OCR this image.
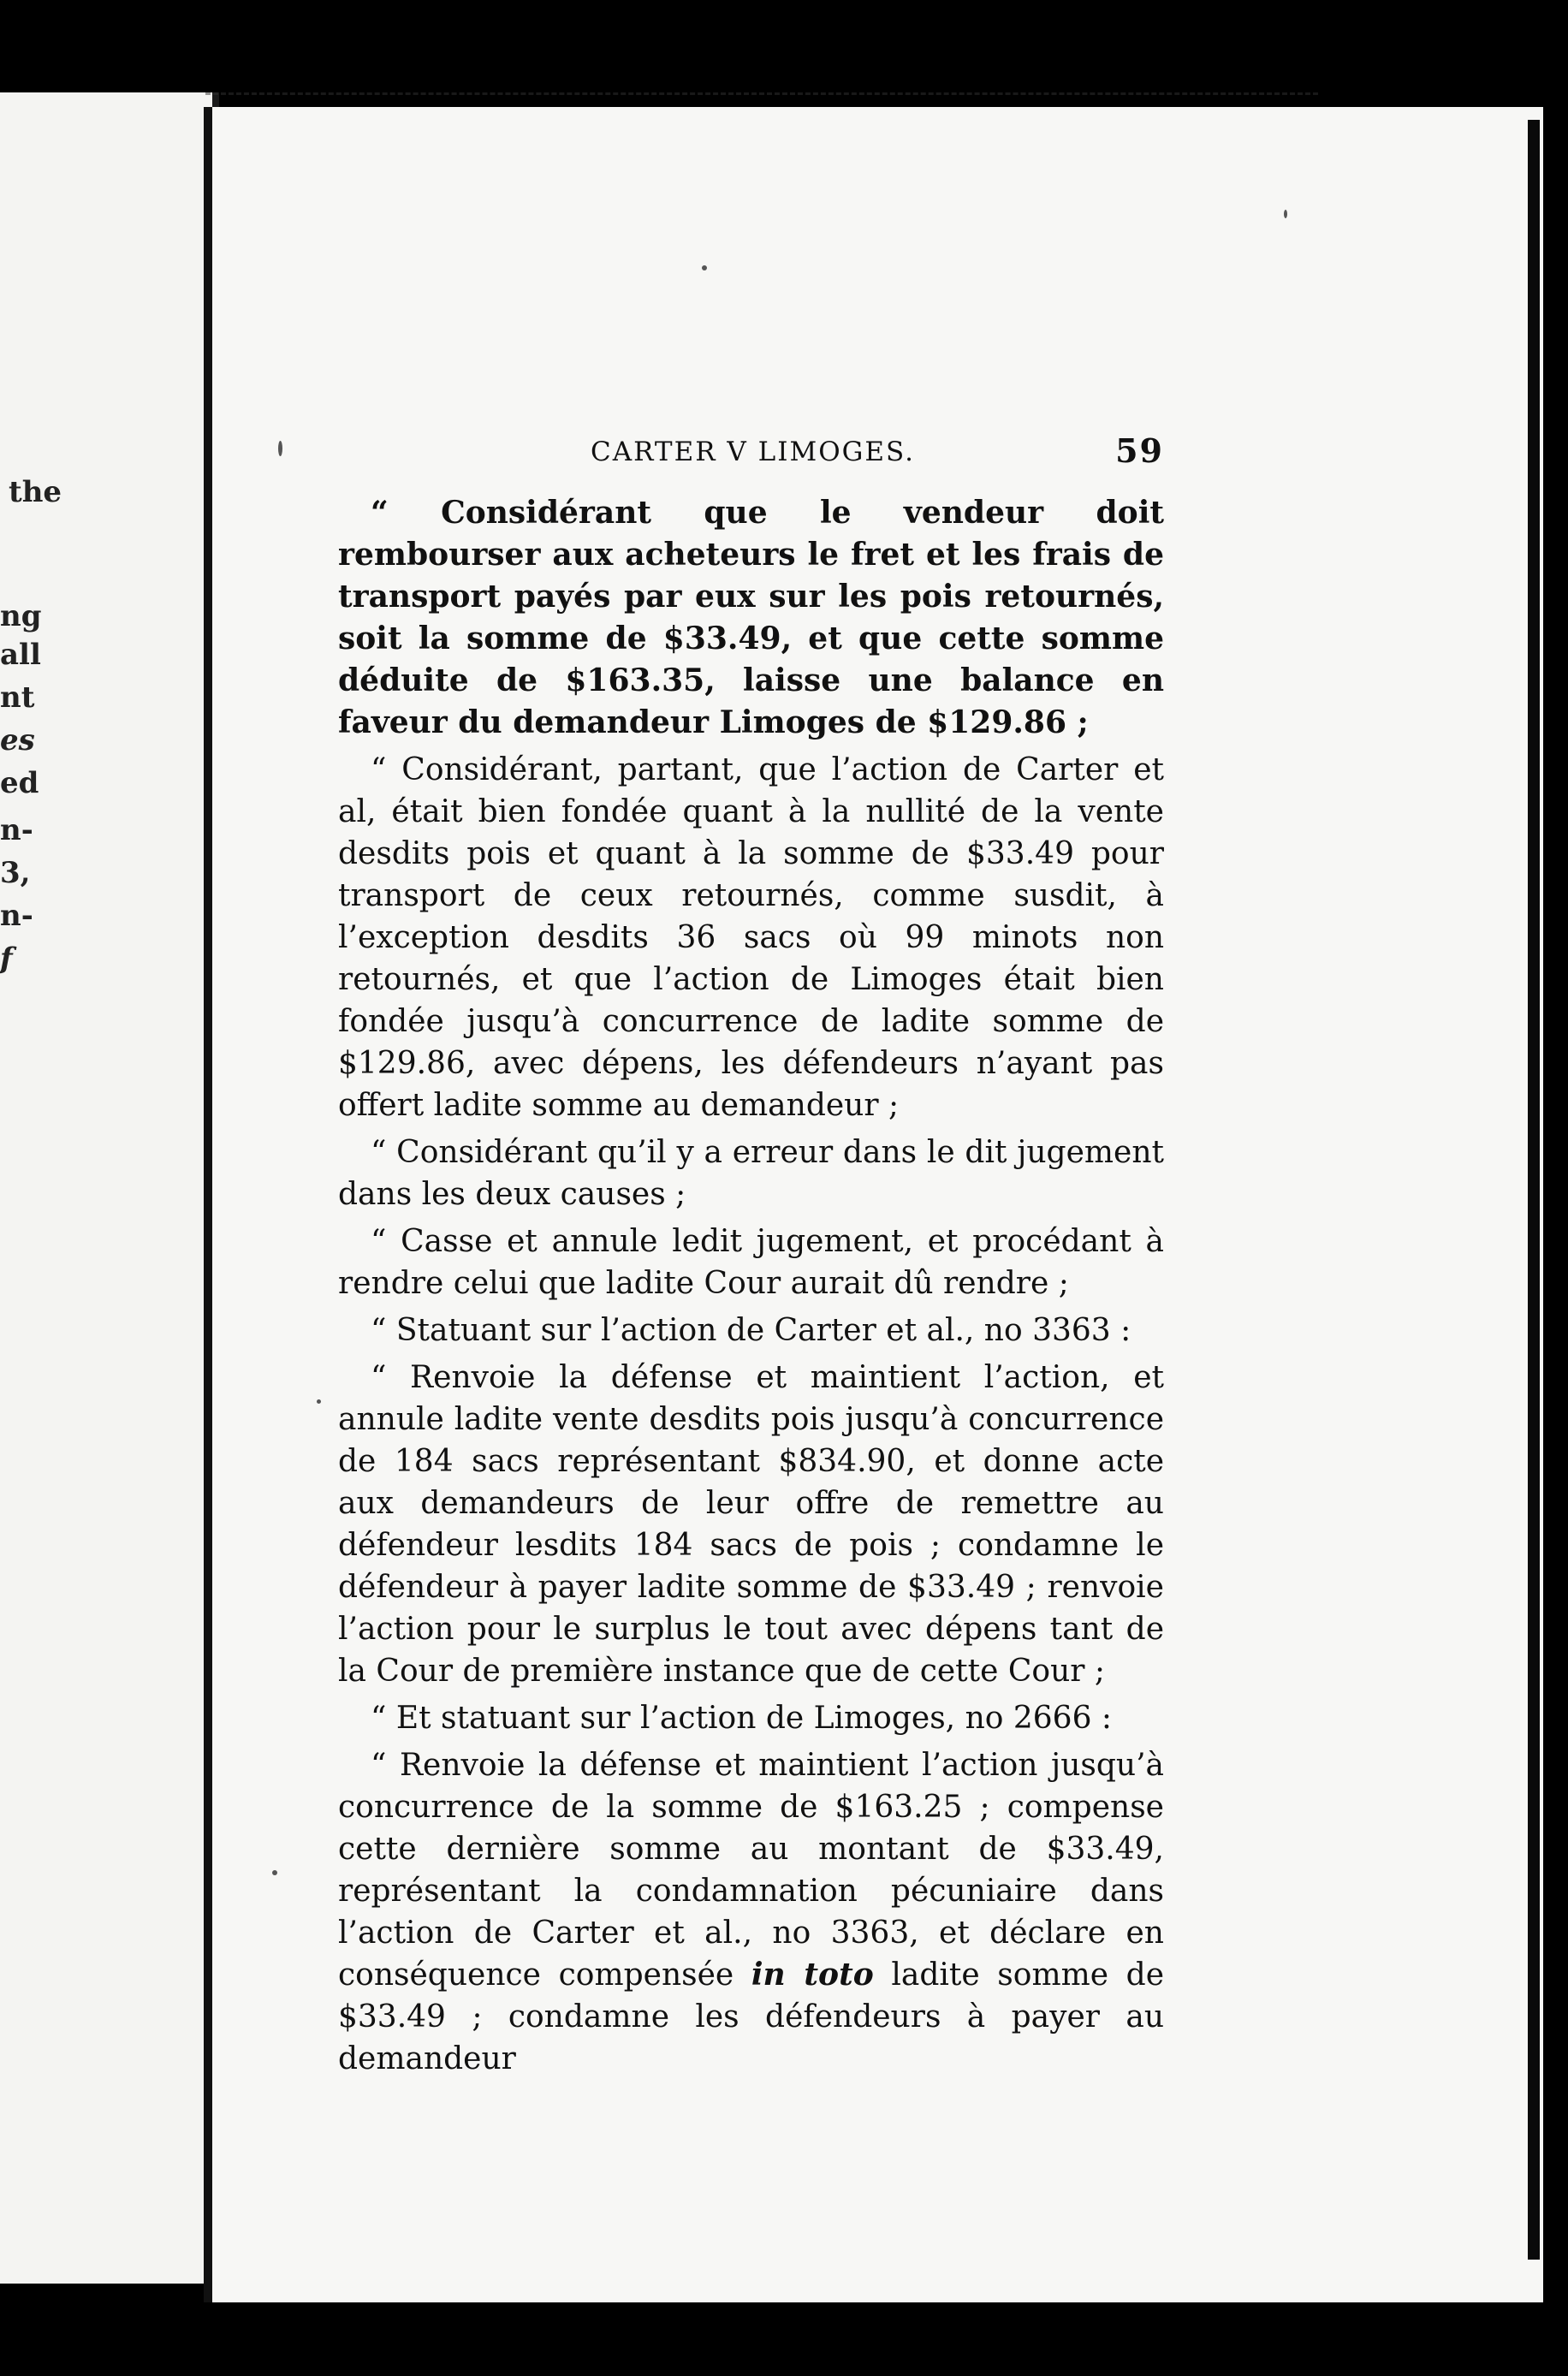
the
ng
all
nt
es
ed
n-
3,
n-
f
CARTER V LIMOGES.	59

“ Considérant que le vendeur doit rembourser aux acheteurs le fret et les frais de transport payés par eux sur les pois retournés, soit la somme de $33.49, et que cette somme déduite de $163.35, laisse une balance en faveur du demandeur Limoges de $129.86 ;

“ Considérant, partant, que l’action de Carter et al, était bien fondée quant à la nullité de la vente desdits pois et quant à la somme de $33.49 pour transport de ceux retournés, comme susdit, à l’exception desdits 36 sacs où 99 minots non retournés, et que l’action de Limoges était bien fondée jusqu’à concurrence de ladite somme de $129.86, avec dépens, les défendeurs n’ayant pas offert ladite somme au demandeur ;

“ Considérant qu’il y a erreur dans le dit jugement dans les deux causes ;

“ Casse et annule ledit jugement, et procédant à rendre celui que ladite Cour aurait dû rendre ;

“ Statuant sur l’action de Carter et al., no 3363 :

“ Renvoie la défense et maintient l’action, et annule ladite vente desdits pois jusqu’à concurrence de 184 sacs représentant $834.90, et donne acte aux demandeurs de leur offre de remettre au défendeur lesdits 184 sacs de pois ; condamne le défendeur à payer ladite somme de $33.49 ; renvoie l’action pour le surplus le tout avec dépens tant de la Cour de première instance que de cette Cour ;

“ Et statuant sur l’action de Limoges, no 2666 :

“ Renvoie la défense et maintient l’action jusqu’à concurrence de la somme de $163.25 ; compense cette dernière somme au montant de $33.49, représentant la condamnation pécuniaire dans l’action de Carter et al., no 3363, et déclare en conséquence compensée in toto ladite somme de $33.49 ; condamne les défendeurs à payer au demandeur
